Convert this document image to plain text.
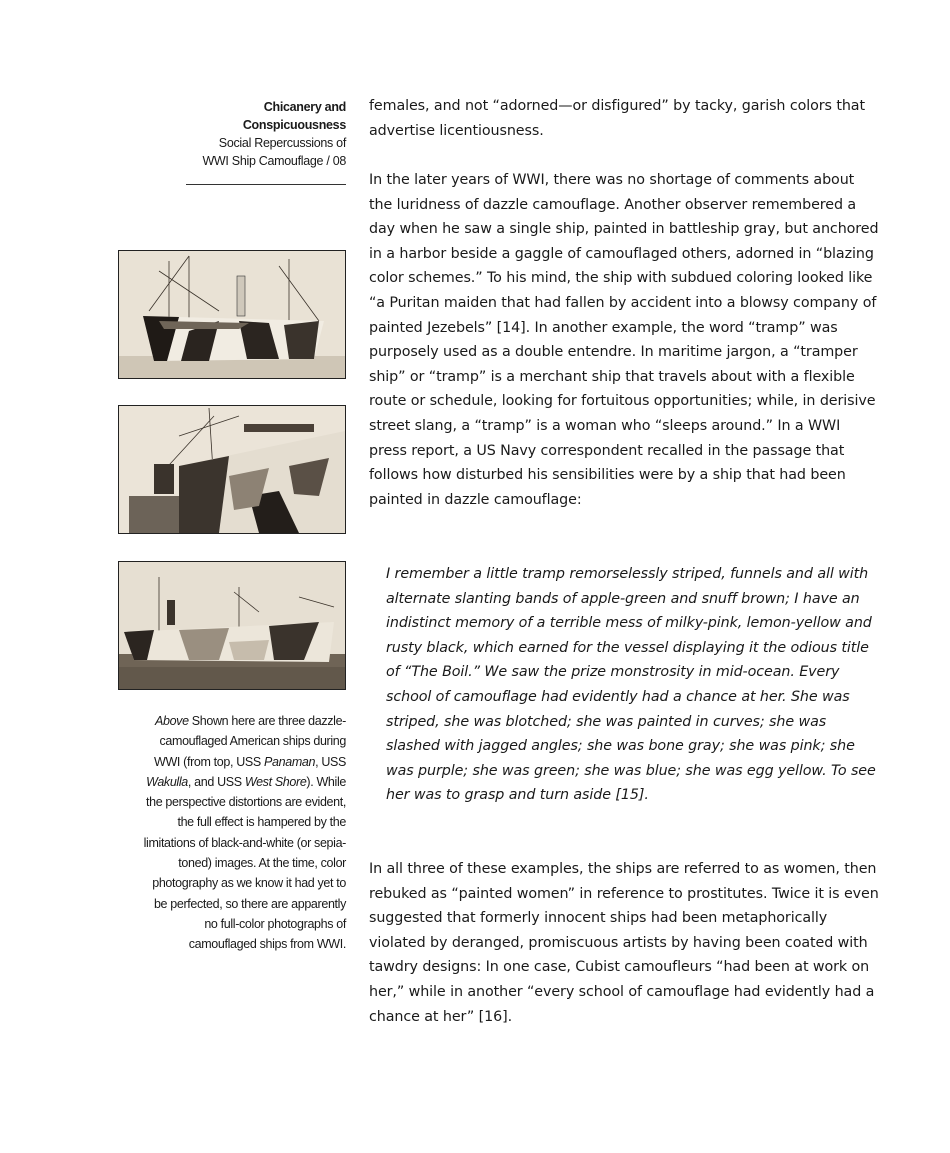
Chicanery and
Conspicuousness
Social Repercussions of
WWI Ship Camouflage / 08
Above Shown here are three dazzle-camouflaged American ships during WWI (from top, USS Panaman, USS Wakulla, and USS West Shore). While the perspective distortions are evident, the full effect is hampered by the limitations of black-and-white (or sepia-toned) images. At the time, color photography as we know it had yet to be perfected, so there are apparently no full-color photographs of camouflaged ships from WWI.

females, and not “adorned—or disfigured” by tacky, garish colors that advertise licentiousness.

In the later years of WWI, there was no shortage of comments about the luridness of dazzle camouflage. Another observer remembered a day when he saw a single ship, painted in battleship gray, but anchored in a harbor beside a gaggle of camouflaged others, adorned in “blazing color schemes.” To his mind, the ship with subdued coloring looked like “a Puritan maiden that had fallen by accident into a blowsy company of painted Jezebels” [14]. In another example, the word “tramp” was purposely used as a double entendre. In maritime jargon, a “tramper ship” or “tramp” is a merchant ship that travels about with a flexible route or schedule, looking for fortuitous opportunities; while, in derisive street slang, a “tramp” is a woman who “sleeps around.” In a WWI press report, a US Navy correspondent recalled in the passage that follows how disturbed his sensibilities were by a ship that had been painted in dazzle camouflage:

I remember a little tramp remorselessly striped, funnels and all with alternate slanting bands of apple-green and snuff brown; I have an indistinct memory of a terrible mess of milky-pink, lemon-yellow and rusty black, which earned for the vessel displaying it the odious title of “The Boil.” We saw the prize monstrosity in mid-ocean. Every school of camouflage had evidently had a chance at her. She was striped, she was blotched; she was painted in curves; she was slashed with jagged angles; she was bone gray; she was pink; she was purple; she was green; she was blue; she was egg yellow. To see her was to grasp and turn aside [15].

In all three of these examples, the ships are referred to as women, then rebuked as “painted women” in reference to prostitutes. Twice it is even suggested that formerly innocent ships had been metaphorically violated by deranged, promiscuous artists by having been coated with tawdry designs: In one case, Cubist camoufleurs “had been at work on her,” while in another “every school of camouflage had evidently had a chance at her” [16].
